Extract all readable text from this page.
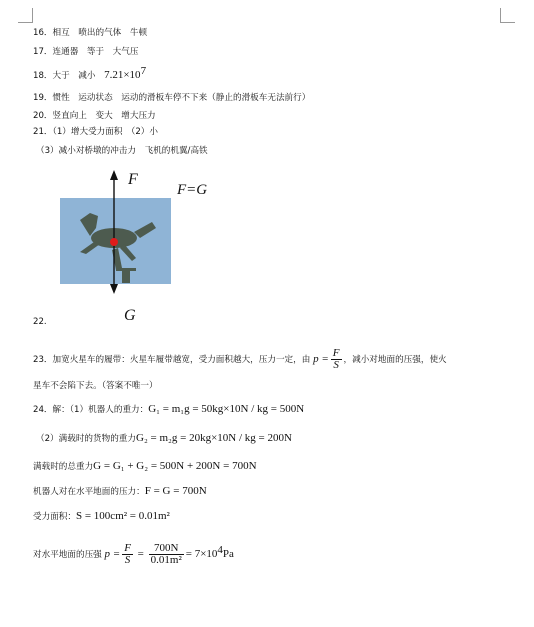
16．相互　喷出的气体　牛顿
17．连通器　等于　大气压
18．大于　减小　$7.21\times 10^7$
19．惯性　运动状态　运动的滑板车停不下来（静止的滑板车无法前行）
20．竖直向上　变大　增大压力
21．（1）增大受力面积　（2）小
（3）减小对桥墩的冲击力　飞机的机翼/高铁
F
G
F=G
22.
23．加宽火星车的履带：火星车履带越宽，受力面积越大，压力一定，由 $p = \frac{F}{S}$ ，减小对地面的压强，使火
星车不会陷下去。（答案不唯一）
24．解：（1）机器人的重力：G₁ = m₁g = 50kg×10N / kg = 500N
（2）满载时的货物的重力G₂ = m₂g = 20kg×10N / kg = 200N
满载时的总重力G = G₁ + G₂ = 500N + 200N = 700N
机器人对在水平地面的压力：F = G = 700N
受力面积：S = 100cm² = 0.01m²
对水平地面的压强 $p = \frac{F}{S} = \frac{700N}{\text{0.01m²}} = 7\times 10^4Pa$
